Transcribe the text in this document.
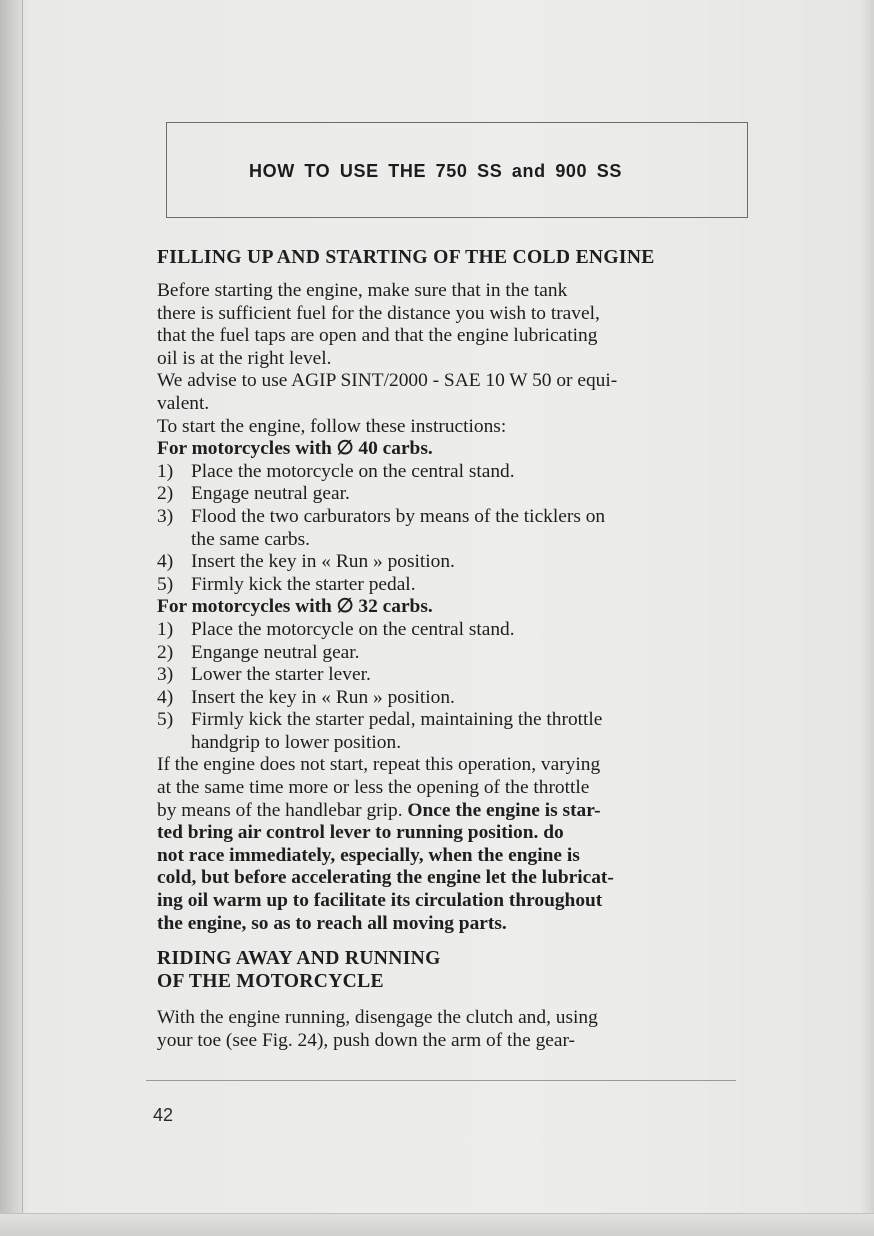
HOW TO USE THE 750 SS and 900 SS
FILLING UP AND STARTING OF THE COLD ENGINE
Before starting the engine, make sure that in the tank
there is sufficient fuel for the distance you wish to travel,
that the fuel taps are open and that the engine lubricating
oil is at the right level.
We advise to use AGIP SINT/2000 - SAE 10 W 50 or equi-
valent.
To start the engine, follow these instructions:
For motorcycles with ∅ 40 carbs.
1) Place the motorcycle on the central stand.
2) Engage neutral gear.
3) Flood the two carburators by means of the ticklers on
the same carbs.
4) Insert the key in « Run » position.
5) Firmly kick the starter pedal.
For motorcycles with ∅ 32 carbs.
1) Place the motorcycle on the central stand.
2) Engange neutral gear.
3) Lower the starter lever.
4) Insert the key in « Run » position.
5) Firmly kick the starter pedal, maintaining the throttle
handgrip to lower position.
If the engine does not start, repeat this operation, varying
at the same time more or less the opening of the throttle
by means of the handlebar grip. Once the engine is star-
ted bring air control lever to running position. do
not race immediately, especially, when the engine is
cold, but before accelerating the engine let the lubricat-
ing oil warm up to facilitate its circulation throughout
the engine, so as to reach all moving parts.
RIDING AWAY AND RUNNING
OF THE MOTORCYCLE
With the engine running, disengage the clutch and, using
your toe (see Fig. 24), push down the arm of the gear-
42
